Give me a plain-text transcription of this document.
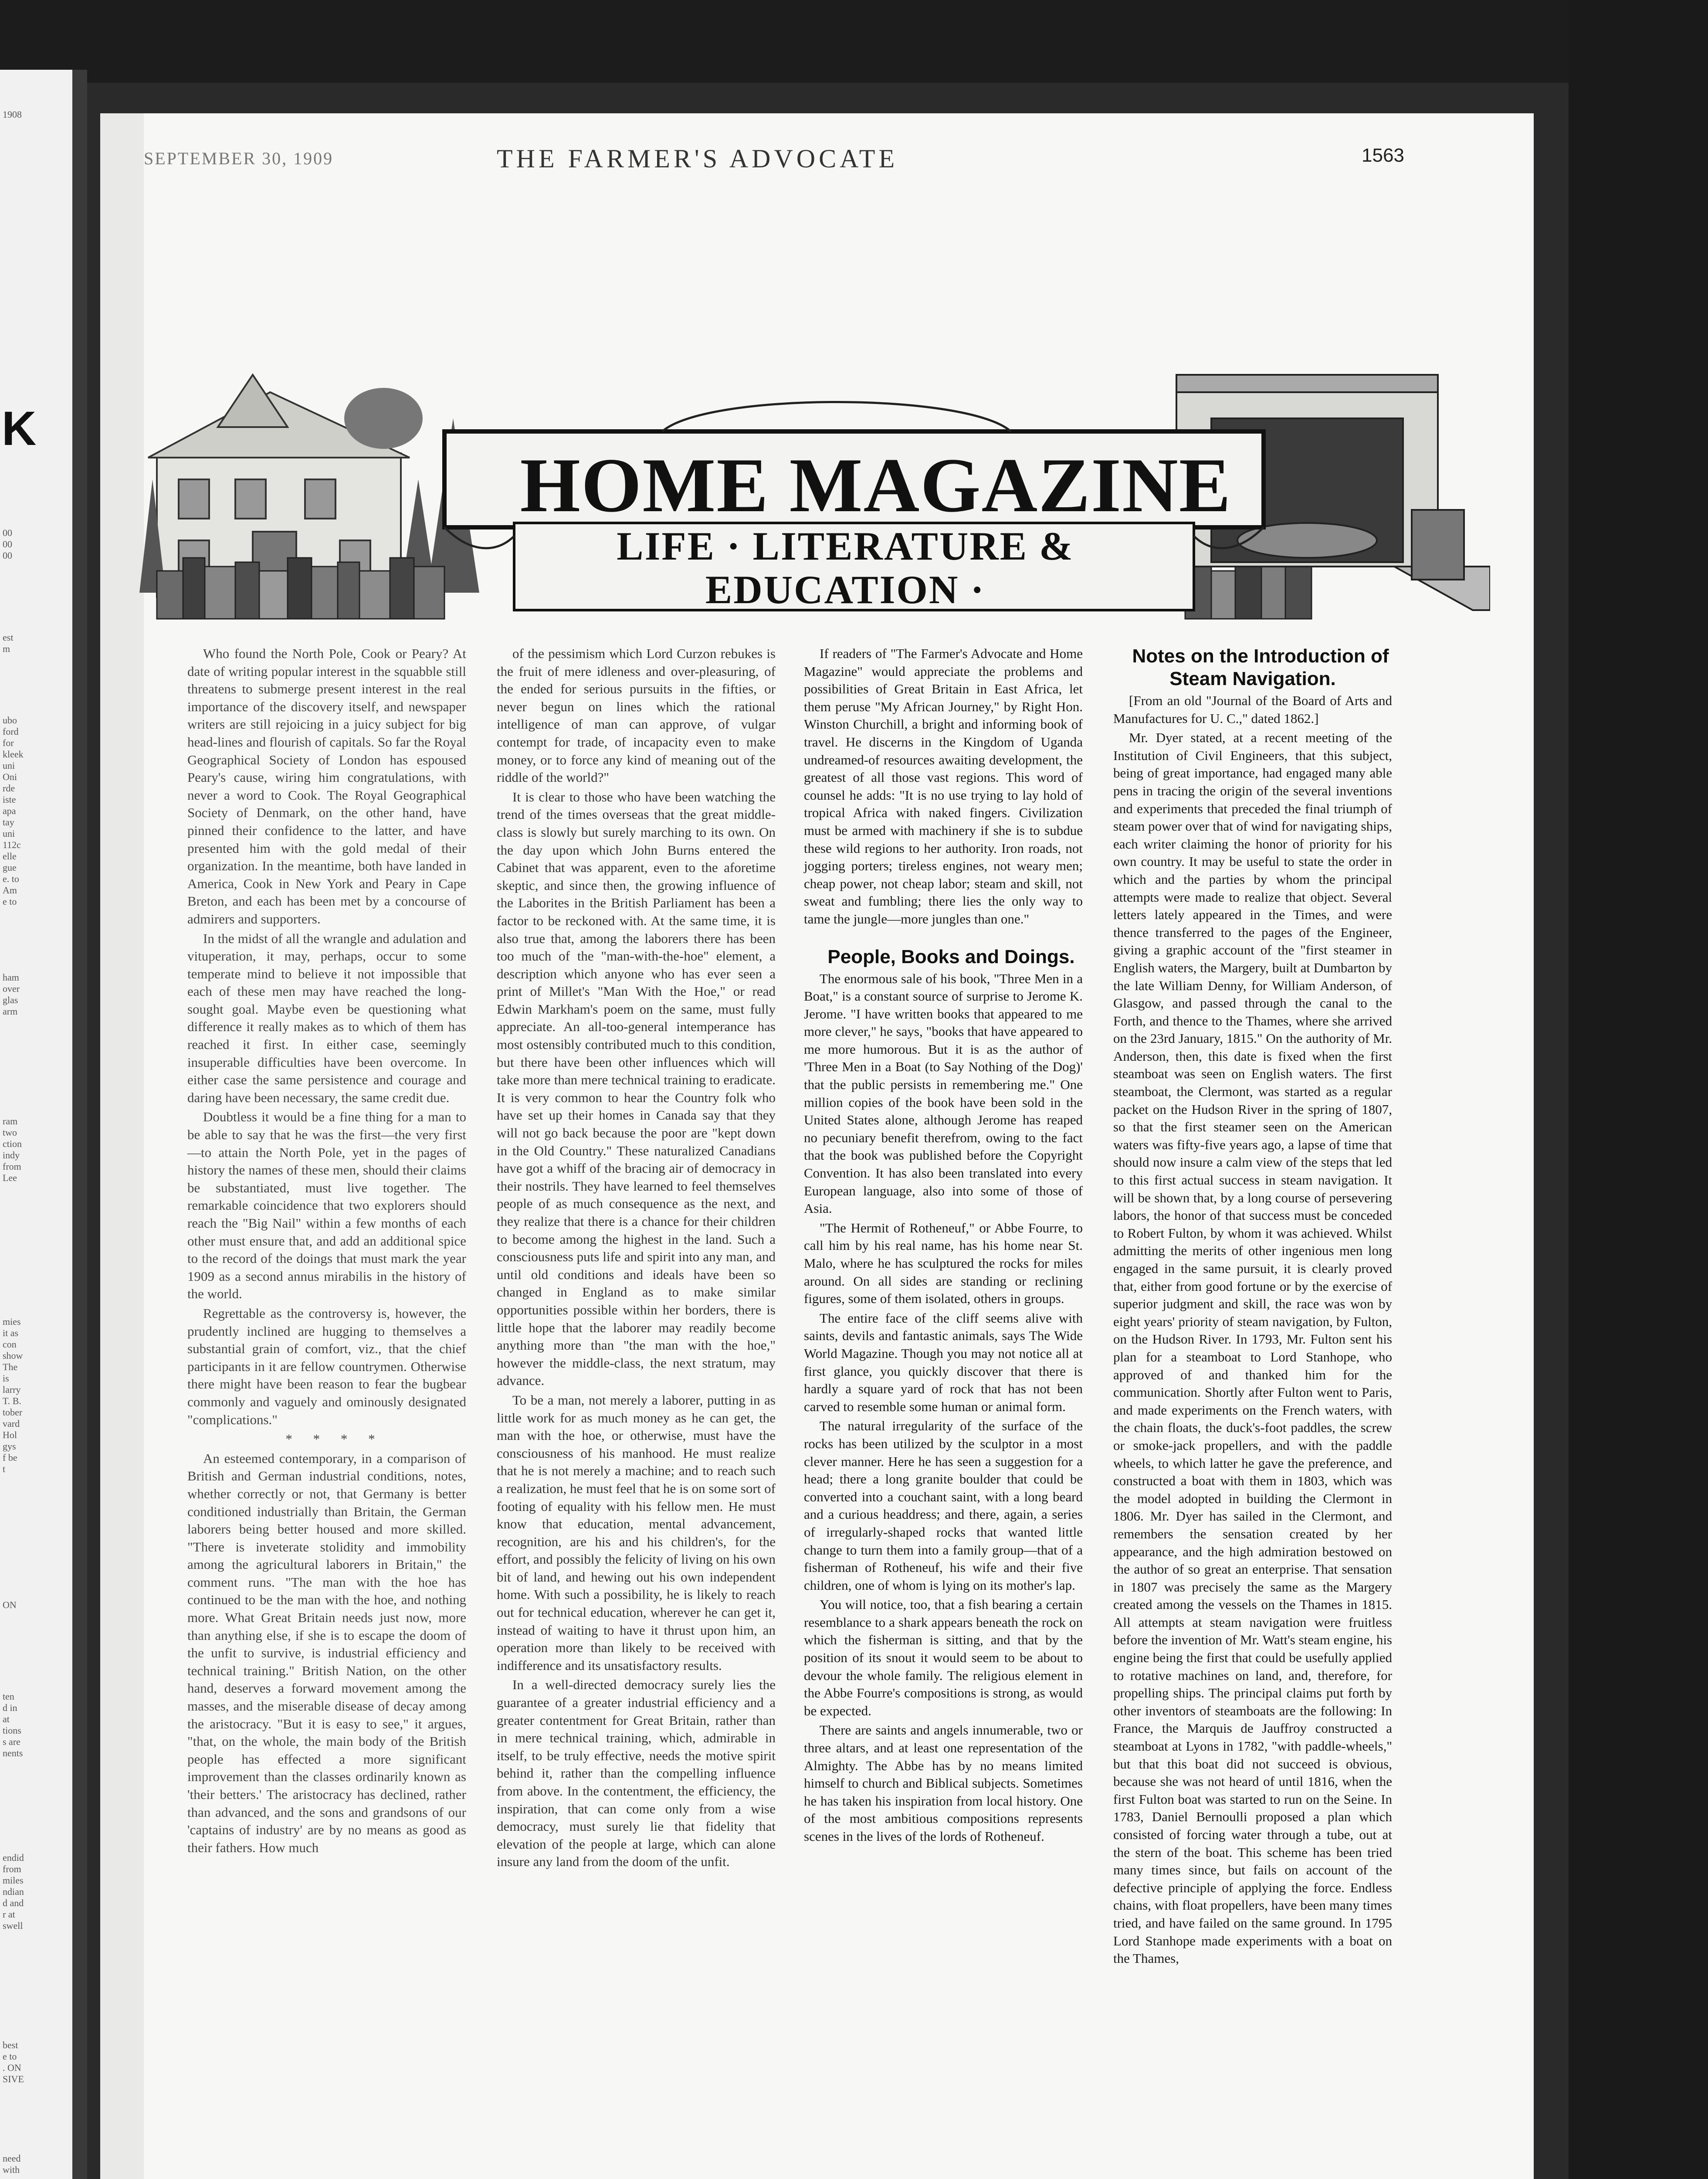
1908
K
00
00
00
est
m
ubo
ford
for
kleek
uni
Oni
rde
iste
apa
tay
uni
112c
elle
gue
e. to
Am
e to
ham
over
glas
arm
ram
two
ction
indy
from
Lee
mies
it as
con
show
The
is
larry
T. B.
tober
vard
Hol
gys
f be
t
ON
ten
d in
at
tions
s are
nents
endid
from
miles
ndian
d and
r at
swell
best
e to
. ON
SIVE
need
with
SEPTEMBER 30, 1909	THE FARMER'S ADVOCATE	1563
HOME MAGAZINE
LIFE · LITERATURE &
EDUCATION ·

Who found the North Pole, Cook or Peary? At date of writing popular interest in the squabble still threatens to submerge present interest in the real importance of the discovery itself, and newspaper writers are still rejoicing in a juicy subject for big head-lines and flourish of capitals. So far the Royal Geographical Society of London has espoused Peary's cause, wiring him congratulations, with never a word to Cook. The Royal Geographical Society of Denmark, on the other hand, have pinned their confidence to the latter, and have presented him with the gold medal of their organization. In the meantime, both have landed in America, Cook in New York and Peary in Cape Breton, and each has been met by a concourse of admirers and supporters.

In the midst of all the wrangle and adulation and vituperation, it may, perhaps, occur to some temperate mind to believe it not impossible that each of these men may have reached the long-sought goal. Maybe even be questioning what difference it really makes as to which of them has reached it first. In either case, seemingly insuperable difficulties have been overcome. In either case the same persistence and courage and daring have been necessary, the same credit due.

Doubtless it would be a fine thing for a man to be able to say that he was the first—the very first—to attain the North Pole, yet in the pages of history the names of these men, should their claims be substantiated, must live together. The remarkable coincidence that two explorers should reach the "Big Nail" within a few months of each other must ensure that, and add an additional spice to the record of the doings that must mark the year 1909 as a second annus mirabilis in the history of the world.

Regrettable as the controversy is, however, the prudently inclined are hugging to themselves a substantial grain of comfort, viz., that the chief participants in it are fellow countrymen. Otherwise there might have been reason to fear the bugbear commonly and vaguely and ominously designated "complications."

* * * *

An esteemed contemporary, in a comparison of British and German industrial conditions, notes, whether correctly or not, that Germany is better conditioned industrially than Britain, the German laborers being better housed and more skilled. "There is inveterate stolidity and immobility among the agricultural laborers in Britain," the comment runs. "The man with the hoe has continued to be the man with the hoe, and nothing more. What Great Britain needs just now, more than anything else, if she is to escape the doom of the unfit to survive, is industrial efficiency and technical training." British Nation, on the other hand, deserves a forward movement among the masses, and the miserable disease of decay among the aristocracy. "But it is easy to see," it argues, "that, on the whole, the main body of the British people has effected a more significant improvement than the classes ordinarily known as 'their betters.' The aristocracy has declined, rather than advanced, and the sons and grandsons of our 'captains of industry' are by no means as good as their fathers. How much

of the pessimism which Lord Curzon rebukes is the fruit of mere idleness and over-pleasuring, of the ended for serious pursuits in the fifties, or never begun on lines which the rational intelligence of man can approve, of vulgar contempt for trade, of incapacity even to make money, or to force any kind of meaning out of the riddle of the world?"

It is clear to those who have been watching the trend of the times overseas that the great middle-class is slowly but surely marching to its own. On the day upon which John Burns entered the Cabinet that was apparent, even to the aforetime skeptic, and since then, the growing influence of the Laborites in the British Parliament has been a factor to be reckoned with. At the same time, it is also true that, among the laborers there has been too much of the "man-with-the-hoe" element, a description which anyone who has ever seen a print of Millet's "Man With the Hoe," or read Edwin Markham's poem on the same, must fully appreciate. An all-too-general intemperance has most ostensibly contributed much to this condition, but there have been other influences which will take more than mere technical training to eradicate. It is very common to hear the Country folk who have set up their homes in Canada say that they will not go back because the poor are "kept down in the Old Country." These naturalized Canadians have got a whiff of the bracing air of democracy in their nostrils. They have learned to feel themselves people of as much consequence as the next, and they realize that there is a chance for their children to become among the highest in the land. Such a consciousness puts life and spirit into any man, and until old conditions and ideals have been so changed in England as to make similar opportunities possible within her borders, there is little hope that the laborer may readily become anything more than "the man with the hoe," however the middle-class, the next stratum, may advance.

To be a man, not merely a laborer, putting in as little work for as much money as he can get, the man with the hoe, or otherwise, must have the consciousness of his manhood. He must realize that he is not merely a machine; and to reach such a realization, he must feel that he is on some sort of footing of equality with his fellow men. He must know that education, mental advancement, recognition, are his and his children's, for the effort, and possibly the felicity of living on his own bit of land, and hewing out his own independent home. With such a possibility, he is likely to reach out for technical education, wherever he can get it, instead of waiting to have it thrust upon him, an operation more than likely to be received with indifference and its unsatisfactory results.

In a well-directed democracy surely lies the guarantee of a greater industrial efficiency and a greater contentment for Great Britain, rather than in mere technical training, which, admirable in itself, to be truly effective, needs the motive spirit behind it, rather than the compelling influence from above. In the contentment, the efficiency, the inspiration, that can come only from a wise democracy, must surely lie that fidelity that elevation of the people at large, which can alone insure any land from the doom of the unfit.

If readers of "The Farmer's Advocate and Home Magazine" would appreciate the problems and possibilities of Great Britain in East Africa, let them peruse "My African Journey," by Right Hon. Winston Churchill, a bright and informing book of travel. He discerns in the Kingdom of Uganda undreamed-of resources awaiting development, the greatest of all those vast regions. This word of counsel he adds: "It is no use trying to lay hold of tropical Africa with naked fingers. Civilization must be armed with machinery if she is to subdue these wild regions to her authority. Iron roads, not jogging porters; tireless engines, not weary men; cheap power, not cheap labor; steam and skill, not sweat and fumbling; there lies the only way to tame the jungle—more jungles than one."

People, Books and Doings.

The enormous sale of his book, "Three Men in a Boat," is a constant source of surprise to Jerome K. Jerome. "I have written books that appeared to me more clever," he says, "books that have appeared to me more humorous. But it is as the author of 'Three Men in a Boat (to Say Nothing of the Dog)' that the public persists in remembering me." One million copies of the book have been sold in the United States alone, although Jerome has reaped no pecuniary benefit therefrom, owing to the fact that the book was published before the Copyright Convention. It has also been translated into every European language, also into some of those of Asia.

"The Hermit of Rotheneuf," or Abbe Fourre, to call him by his real name, has his home near St. Malo, where he has sculptured the rocks for miles around. On all sides are standing or reclining figures, some of them isolated, others in groups.

The entire face of the cliff seems alive with saints, devils and fantastic animals, says The Wide World Magazine. Though you may not notice all at first glance, you quickly discover that there is hardly a square yard of rock that has not been carved to resemble some human or animal form.

The natural irregularity of the surface of the rocks has been utilized by the sculptor in a most clever manner. Here he has seen a suggestion for a head; there a long granite boulder that could be converted into a couchant saint, with a long beard and a curious headdress; and there, again, a series of irregularly-shaped rocks that wanted little change to turn them into a family group—that of a fisherman of Rotheneuf, his wife and their five children, one of whom is lying on its mother's lap.

You will notice, too, that a fish bearing a certain resemblance to a shark appears beneath the rock on which the fisherman is sitting, and that by the position of its snout it would seem to be about to devour the whole family. The religious element in the Abbe Fourre's compositions is strong, as would be expected.

There are saints and angels innumerable, two or three altars, and at least one representation of the Almighty. The Abbe has by no means limited himself to church and Biblical subjects. Sometimes he has taken his inspiration from local history. One of the most ambitious compositions represents scenes in the lives of the lords of Rotheneuf.

Notes on the Introduction of Steam Navigation.

[From an old "Journal of the Board of Arts and Manufactures for U. C.," dated 1862.]

Mr. Dyer stated, at a recent meeting of the Institution of Civil Engineers, that this subject, being of great importance, had engaged many able pens in tracing the origin of the several inventions and experiments that preceded the final triumph of steam power over that of wind for navigating ships, each writer claiming the honor of priority for his own country. It may be useful to state the order in which and the parties by whom the principal attempts were made to realize that object. Several letters lately appeared in the Times, and were thence transferred to the pages of the Engineer, giving a graphic account of the "first steamer in English waters, the Margery, built at Dumbarton by the late William Denny, for William Anderson, of Glasgow, and passed through the canal to the Forth, and thence to the Thames, where she arrived on the 23rd January, 1815." On the authority of Mr. Anderson, then, this date is fixed when the first steamboat was seen on English waters. The first steamboat, the Clermont, was started as a regular packet on the Hudson River in the spring of 1807, so that the first steamer seen on the American waters was fifty-five years ago, a lapse of time that should now insure a calm view of the steps that led to this first actual success in steam navigation. It will be shown that, by a long course of persevering labors, the honor of that success must be conceded to Robert Fulton, by whom it was achieved. Whilst admitting the merits of other ingenious men long engaged in the same pursuit, it is clearly proved that, either from good fortune or by the exercise of superior judgment and skill, the race was won by eight years' priority of steam navigation, by Fulton, on the Hudson River. In 1793, Mr. Fulton sent his plan for a steamboat to Lord Stanhope, who approved of and thanked him for the communication. Shortly after Fulton went to Paris, and made experiments on the French waters, with the chain floats, the duck's-foot paddles, the screw or smoke-jack propellers, and with the paddle wheels, to which latter he gave the preference, and constructed a boat with them in 1803, which was the model adopted in building the Clermont in 1806. Mr. Dyer has sailed in the Clermont, and remembers the sensation created by her appearance, and the high admiration bestowed on the author of so great an enterprise. That sensation in 1807 was precisely the same as the Margery created among the vessels on the Thames in 1815. All attempts at steam navigation were fruitless before the invention of Mr. Watt's steam engine, his engine being the first that could be usefully applied to rotative machines on land, and, therefore, for propelling ships. The principal claims put forth by other inventors of steamboats are the following: In France, the Marquis de Jauffroy constructed a steamboat at Lyons in 1782, "with paddle-wheels," but that this boat did not succeed is obvious, because she was not heard of until 1816, when the first Fulton boat was started to run on the Seine. In 1783, Daniel Bernoulli proposed a plan which consisted of forcing water through a tube, out at the stern of the boat. This scheme has been tried many times since, but fails on account of the defective principle of applying the force. Endless chains, with float propellers, have been many times tried, and have failed on the same ground. In 1795 Lord Stanhope made experiments with a boat on the Thames,
